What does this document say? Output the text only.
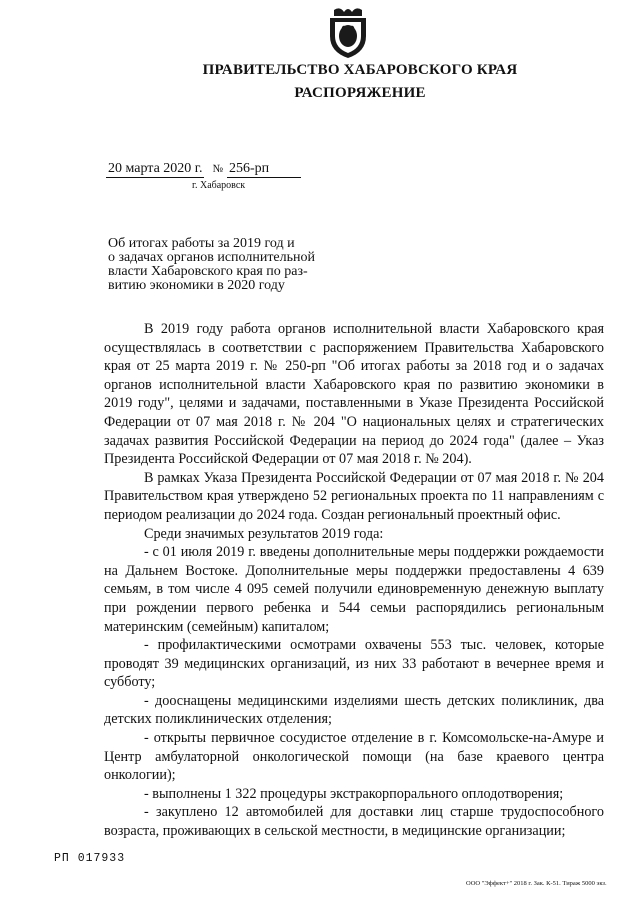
ПРАВИТЕЛЬСТВО ХАБАРОВСКОГО КРАЯ
РАСПОРЯЖЕНИЕ
20 марта 2020 г. № 256-рп
г. Хабаровск
Об итогах работы за 2019 год и
о задачах органов исполнительной
власти Хабаровского края по раз-
витию экономики в 2020 году

В 2019 году работа органов исполнительной власти Хабаровского края осуществлялась в соответствии с распоряжением Правительства Хабаровского края от 25 марта 2019 г. № 250-рп "Об итогах работы за 2018 год и о задачах органов исполнительной власти Хабаровского края по развитию экономики в 2019 году", целями и задачами, поставленными в Указе Президента Российской Федерации от 07 мая 2018 г. № 204 "О национальных целях и стратегических задачах развития Российской Федерации на период до 2024 года" (далее – Указ Президента Российской Федерации от 07 мая 2018 г. № 204).

В рамках Указа Президента Российской Федерации от 07 мая 2018 г. № 204 Правительством края утверждено 52 региональных проекта по 11 направлениям с периодом реализации до 2024 года. Создан региональный проектный офис.

Среди значимых результатов 2019 года:

- с 01 июля 2019 г. введены дополнительные меры поддержки рождаемости на Дальнем Востоке. Дополнительные меры поддержки предоставлены 4 639 семьям, в том числе 4 095 семей получили единовременную денежную выплату при рождении первого ребенка и 544 семьи распорядились региональным материнским (семейным) капиталом;

- профилактическими осмотрами охвачены 553 тыс. человек, которые проводят 39 медицинских организаций, из них 33 работают в вечернее время и субботу;

- дооснащены медицинскими изделиями шесть детских поликлиник, два детских поликлинических отделения;

- открыты первичное сосудистое отделение в г. Комсомольске-на-Амуре и Центр амбулаторной онкологической помощи (на базе краевого центра онкологии);

- выполнены 1 322 процедуры экстракорпорального оплодотворения;

- закуплено 12 автомобилей для доставки лиц старше трудоспособного возраста, проживающих в сельской местности, в медицинские организации;

РП 017933
ООО "Эффект+" 2018 г. Зак. К-51. Тираж 5000 экз.
